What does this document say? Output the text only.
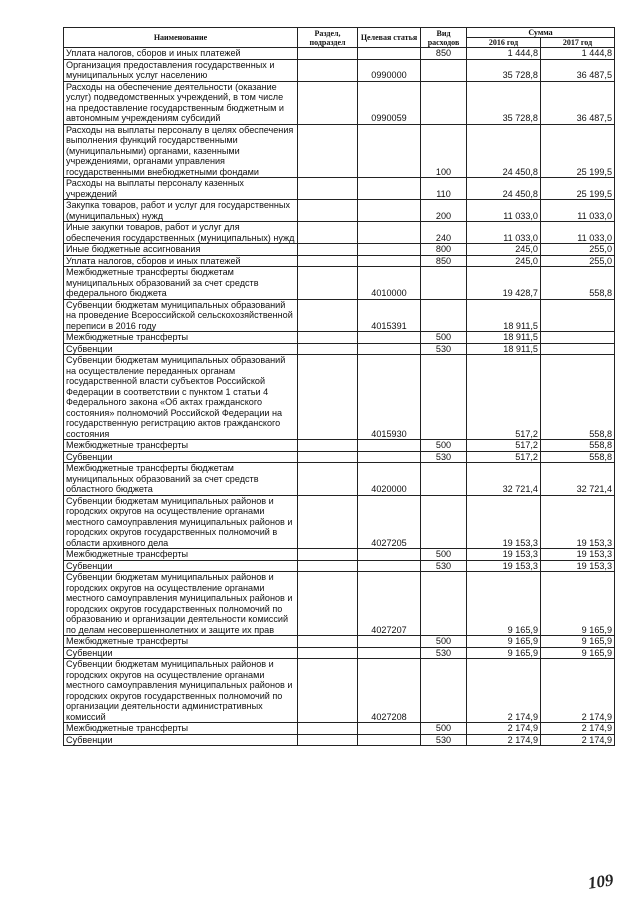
Наименование	Раздел, подраздел	Целевая статья	Вид расходов	Сумма	
				2016 год	2017 год
Уплата налогов, сборов и иных платежей			850	1 444,8	1 444,8
Организация предоставления государственных и муниципальных услуг населению		0990000		35 728,8	36 487,5
Расходы на обеспечение деятельности (оказание услуг) подведомственных учреждений, в том числе на предоставление государственным бюджетным и автономным учреждениям субсидий		0990059		35 728,8	36 487,5
Расходы на выплаты персоналу в целях обеспечения выполнения функций государственными (муниципальными) органами, казенными учреждениями, органами управления государственными внебюджетными фондами			100	24 450,8	25 199,5
Расходы на выплаты персоналу казенных учреждений			110	24 450,8	25 199,5
Закупка товаров, работ и услуг для государственных (муниципальных) нужд			200	11 033,0	11 033,0
Иные закупки товаров, работ и услуг для обеспечения государственных (муниципальных) нужд			240	11 033,0	11 033,0
Иные бюджетные ассигнования			800	245,0	255,0
Уплата налогов, сборов и иных платежей			850	245,0	255,0
Межбюджетные трансферты бюджетам муниципальных образований за счет средств федерального бюджета		4010000		19 428,7	558,8
Субвенции бюджетам муниципальных образований на проведение Всероссийской сельскохозяйственной переписи в 2016 году		4015391		18 911,5	
Межбюджетные трансферты			500	18 911,5	
Субвенции			530	18 911,5	
Субвенции бюджетам муниципальных образований на осуществление переданных органам государственной власти субъектов Российской Федерации в соответствии с пунктом 1 статьи 4 Федерального закона «Об актах гражданского состояния» полномочий Российской Федерации на государственную регистрацию актов гражданского состояния		4015930		517,2	558,8
Межбюджетные трансферты			500	517,2	558,8
Субвенции			530	517,2	558,8
Межбюджетные трансферты бюджетам муниципальных образований за счет средств областного бюджета		4020000		32 721,4	32 721,4
Субвенции бюджетам муниципальных районов и городских округов на осуществление органами местного самоуправления муниципальных районов и городских округов государственных полномочий в области архивного дела		4027205		19 153,3	19 153,3
Межбюджетные трансферты			500	19 153,3	19 153,3
Субвенции			530	19 153,3	19 153,3
Субвенции бюджетам муниципальных районов и городских округов на осуществление органами местного самоуправления муниципальных районов и городских округов государственных полномочий по образованию и организации деятельности комиссий по делам несовершеннолетних и защите их прав		4027207		9 165,9	9 165,9
Межбюджетные трансферты			500	9 165,9	9 165,9
Субвенции			530	9 165,9	9 165,9
Субвенции бюджетам муниципальных районов и городских округов на осуществление органами местного самоуправления муниципальных районов и городских округов государственных полномочий по организации деятельности административных комиссий		4027208		2 174,9	2 174,9
Межбюджетные трансферты			500	2 174,9	2 174,9
Субвенции			530	2 174,9	2 174,9
109
